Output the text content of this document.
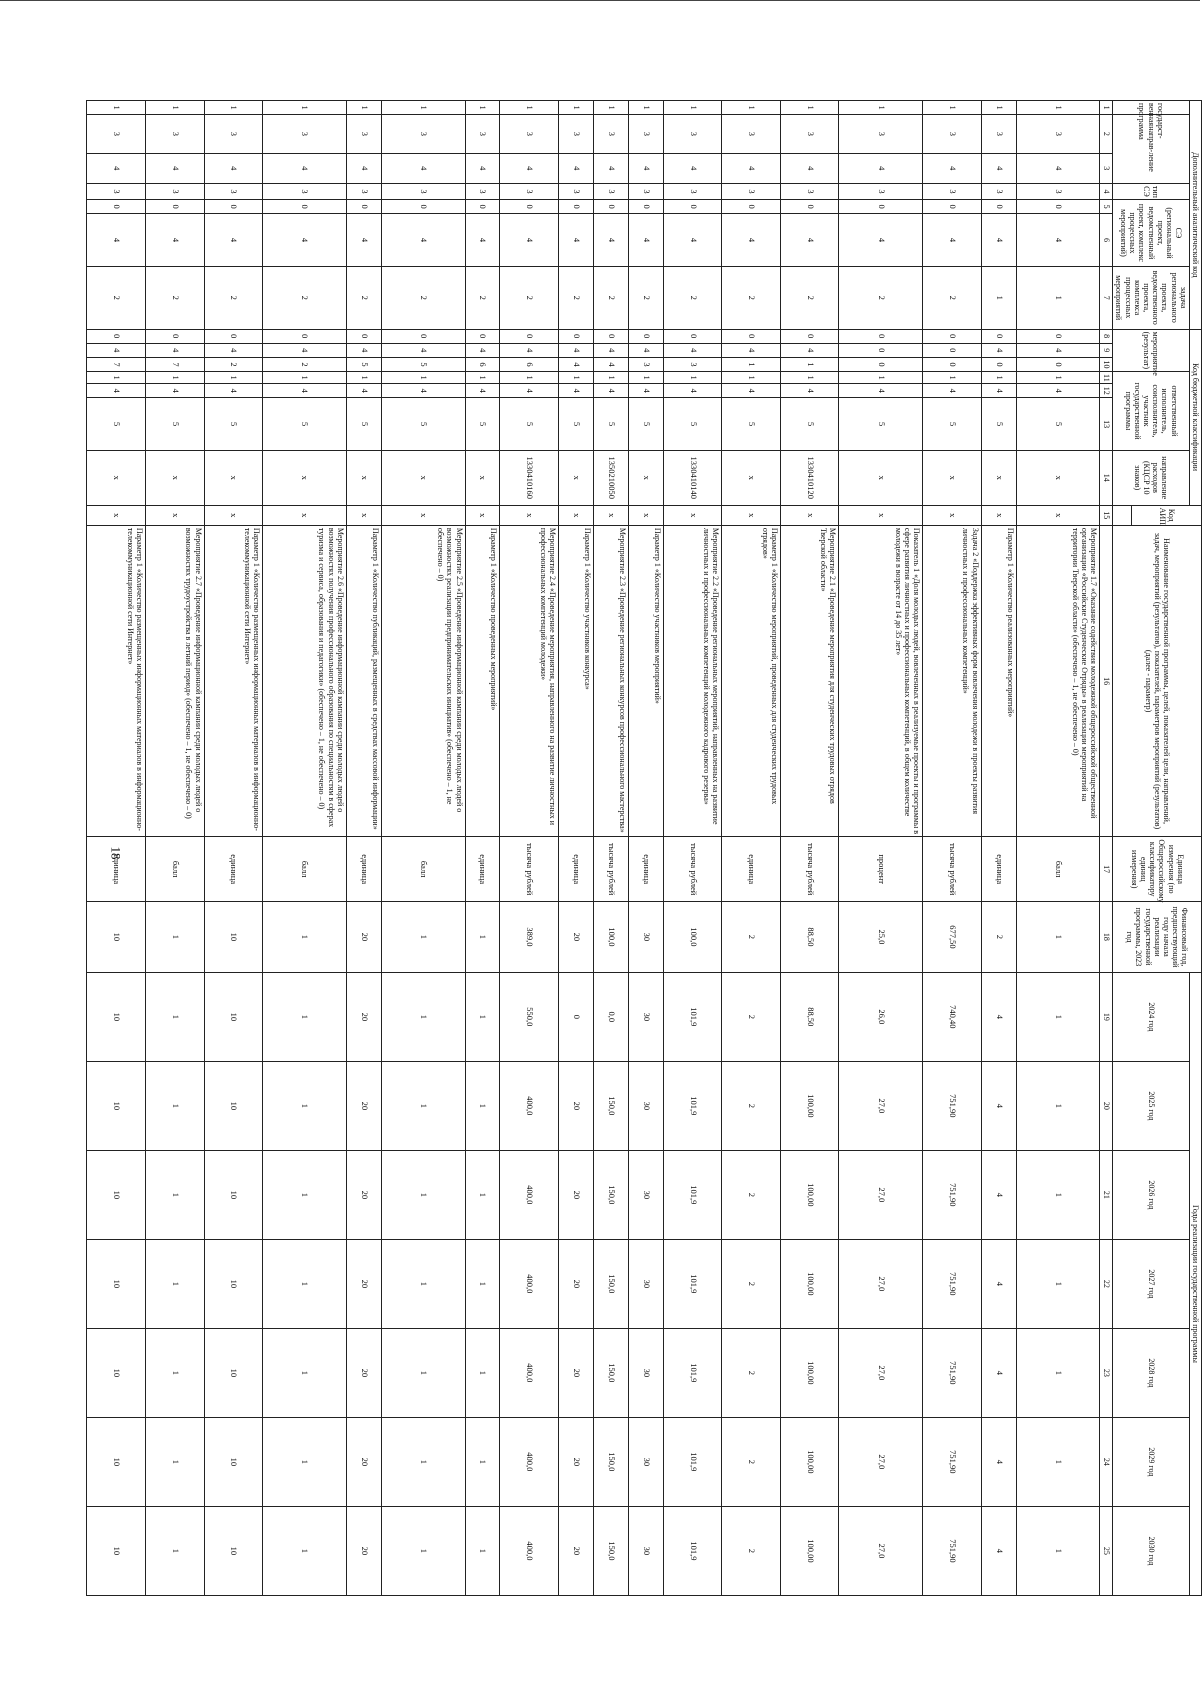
18
Дополнительный аналитический код							Код бюджетной классификации							Код АИП	Наименование государственной программы, целей, показателей цели, направлений, задач, мероприятий (результатов), показателей, параметров мероприятий (результатов) (далее - параметр)	Единица измерения (по Общероссийскому классификатору единиц измерения)	Финансовый год, предшествующий году начала реализации государственной программы, 2023 год	Годы реализации государственной программы						
государст-венная программа	направ-ление		тип СЭ	СЭ (региональный проект, ведомственный проект, комплекс процессных мероприятий)		задача регионального проекта, ведомственного проекта, комплекса процессных мероприятий	мероприятие (результат)			ответственный исполнитель, соисполнитель, участник государственной программы			направление расходов (КЦСР 10 знаков)					2024 год	2025 год	2026 год	2027 год	2028 год	2029 год	2030 год

1	2	3	4	5	6	7	8	9	10	11	12	13	14	15	16	17	18	19	20	21	22	23	24	25
1	3	4	3	0	4	1	0	4	0	1	4	5	х	х	Мероприятие 1.7 «Оказание содействия молодежной общероссийской общественной организации «Российские Студенческие Отряды» в реализации мероприятий на территории Тверской области» (обеспечено – 1, не обеспечено – 0)	балл	1	1	1	1	1	1	1	1
1	3	4	3	0	4	1	0	4	0	1	4	5	х	х	Параметр 1 «Количество реализованных мероприятий»	единица	2	4	4	4	4	4	4	4
1	3	4	3	0	4	2	0	0	0	1	4	5	х	х	Задача 2 «Поддержка эффективных форм вовлечения молодежи в проекты развития личностных и профессиональных компетенций»	тысяча рублей	677,50	740,40	751,90	751,90	751,90	751,90	751,90	751,90
1	3	4	3	0	4	2	0	0	0	1	4	5	х	х	Показатель 1 «Доля молодых людей, вовлеченных в реализуемые проекты и программы в сфере развития личностных и профессиональных компетенций, в общем количестве молодежи в возрасте от 14 до 35 лет»	процент	25,0	26,0	27,0	27,0	27,0	27,0	27,0	27,0
1	3	4	3	0	4	2	0	4	1	1	4	5	1330410120	х	Мероприятие 2.1 «Проведение мероприятия для студенческих трудовых отрядов Тверской области»	тысяча рублей	88,50	88,50	100,00	100,00	100,00	100,00	100,00	100,00
1	3	4	3	0	4	2	0	4	1	1	4	5	х	х	Параметр 1 «Количество мероприятий, проведенных для студенческих трудовых отрядов»	единица	2	2	2	2	2	2	2	2
1	3	4	3	0	4	2	0	4	3	1	4	5	1330410140	х	Мероприятие 2.2 «Проведение региональных мероприятий, направленных на развитие личностных и профессиональных компетенций молодежного кадрового резерва»	тысяча рублей	100,0	101,9	101,9	101,9	101,9	101,9	101,9	101,9
1	3	4	3	0	4	2	0	4	3	1	4	5	х	х	Параметр 1 «Количество участников мероприятий»	единица	30	30	30	30	30	30	30	30
1	3	4	3	0	4	2	0	4	4	1	4	5	1350210050	х	Мероприятие 2.3 «Проведение региональных конкурсов профессионального мастерства»	тысяча рублей	100,0	0,0	150,0	150,0	150,0	150,0	150,0	150,0
1	3	4	3	0	4	2	0	4	4	1	4	5	х	х	Параметр 1 «Количество участников конкурса»	единица	20	0	20	20	20	20	20	20
1	3	4	3	0	4	2	0	4	6	1	4	5	1330410160	х	Мероприятие 2.4 «Проведение мероприятия, направленного на развитие личностных и профессиональных компетенций молодежи»	тысяча рублей	389,0	550,0	400,0	400,0	400,0	400,0	400,0	400,0
1	3	4	3	0	4	2	0	4	6	1	4	5	х	х	Параметр 1 «Количество проведенных мероприятий»	единица	1	1	1	1	1	1	1	1
1	3	4	3	0	4	2	0	4	5	1	4	5	х	х	Мероприятие 2.5 «Проведение информационной кампании среди молодых людей о возможностях реализации предпринимательских инициатив» (обеспечено – 1, не обеспечено – 0)	балл	1	1	1	1	1	1	1	1
1	3	4	3	0	4	2	0	4	5	1	4	5	х	х	Параметр 1 «Количество публикаций, размещенных в средствах массовой информации»	единица	20	20	20	20	20	20	20	20
1	3	4	3	0	4	2	0	4	2	1	4	5	х	х	Мероприятие 2.6 «Проведение информационной кампании среди молодых людей о возможностях получения профессионального образования по специальностям в сферах туризма и сервиса, образования и педагогики» (обеспечено – 1, не обеспечено – 0)	балл	1	1	1	1	1	1	1	1
1	3	4	3	0	4	2	0	4	2	1	4	5	х	х	Параметр 1 «Количество размещенных информационных материалов в информационно-телекоммуникационной сети Интернет»	единица	10	10	10	10	10	10	10	10
1	3	4	3	0	4	2	0	4	7	1	4	5	х	х	Мероприятие 2.7 «Проведение информационной кампании среди молодых людей о возможностях трудоустройства в летний период» (обеспечено – 1, не обеспечено – 0)	балл	1	1	1	1	1	1	1	1
1	3	4	3	0	4	2	0	4	7	1	4	5	х	х	Параметр 1 «Количество размещенных информационных материалов в информационно-телекоммуникационной сети Интернет»	единица	10	10	10	10	10	10	10	10
